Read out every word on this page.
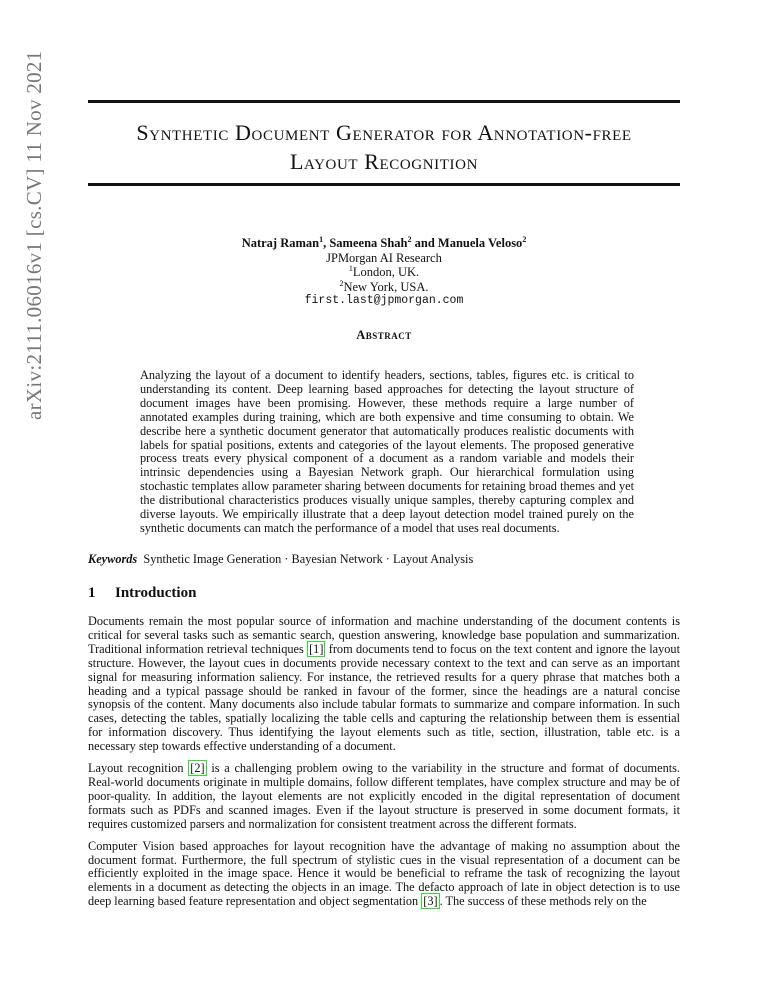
arXiv:2111.06016v1 [cs.CV] 11 Nov 2021	Synthetic Document Generator for Annotation-free
Layout Recognition
Natraj Raman$^1$, Sameena Shah$^2$ and Manuela Veloso$^2$
JPMorgan AI Research
$^1$London, UK.
$^2$New York, USA.
first.last@jpmorgan.com
Abstract
Analyzing the layout of a document to identify headers, sections, tables, figures etc. is critical to understanding its content. Deep learning based approaches for detecting the layout structure of document images have been promising. However, these methods require a large number of annotated examples during training, which are both expensive and time consuming to obtain. We describe here a synthetic document generator that automatically produces realistic documents with labels for spatial positions, extents and categories of the layout elements. The proposed generative process treats every physical component of a document as a random variable and models their intrinsic dependencies using a Bayesian Network graph. Our hierarchical formulation using stochastic templates allow parameter sharing between documents for retaining broad themes and yet the distributional characteristics produces visually unique samples, thereby capturing complex and diverse layouts. We empirically illustrate that a deep layout detection model trained purely on the synthetic documents can match the performance of a model that uses real documents.
Keywords Synthetic Image Generation · Bayesian Network · Layout Analysis
1 Introduction

Documents remain the most popular source of information and machine understanding of the document contents is critical for several tasks such as semantic search, question answering, knowledge base population and summarization. Traditional information retrieval techniques [1] from documents tend to focus on the text content and ignore the layout structure. However, the layout cues in documents provide necessary context to the text and can serve as an important signal for measuring information saliency. For instance, the retrieved results for a query phrase that matches both a heading and a typical passage should be ranked in favour of the former, since the headings are a natural concise synopsis of the content. Many documents also include tabular formats to summarize and compare information. In such cases, detecting the tables, spatially localizing the table cells and capturing the relationship between them is essential for information discovery. Thus identifying the layout elements such as title, section, illustration, table etc. is a necessary step towards effective understanding of a document.

Layout recognition [2] is a challenging problem owing to the variability in the structure and format of documents. Real-world documents originate in multiple domains, follow different templates, have complex structure and may be of poor-quality. In addition, the layout elements are not explicitly encoded in the digital representation of document formats such as PDFs and scanned images. Even if the layout structure is preserved in some document formats, it requires customized parsers and normalization for consistent treatment across the different formats.

Computer Vision based approaches for layout recognition have the advantage of making no assumption about the document format. Furthermore, the full spectrum of stylistic cues in the visual representation of a document can be efficiently exploited in the image space. Hence it would be beneficial to reframe the task of recognizing the layout elements in a document as detecting the objects in an image. The defacto approach of late in object detection is to use deep learning based feature representation and object segmentation [3] . The success of these methods rely on the
